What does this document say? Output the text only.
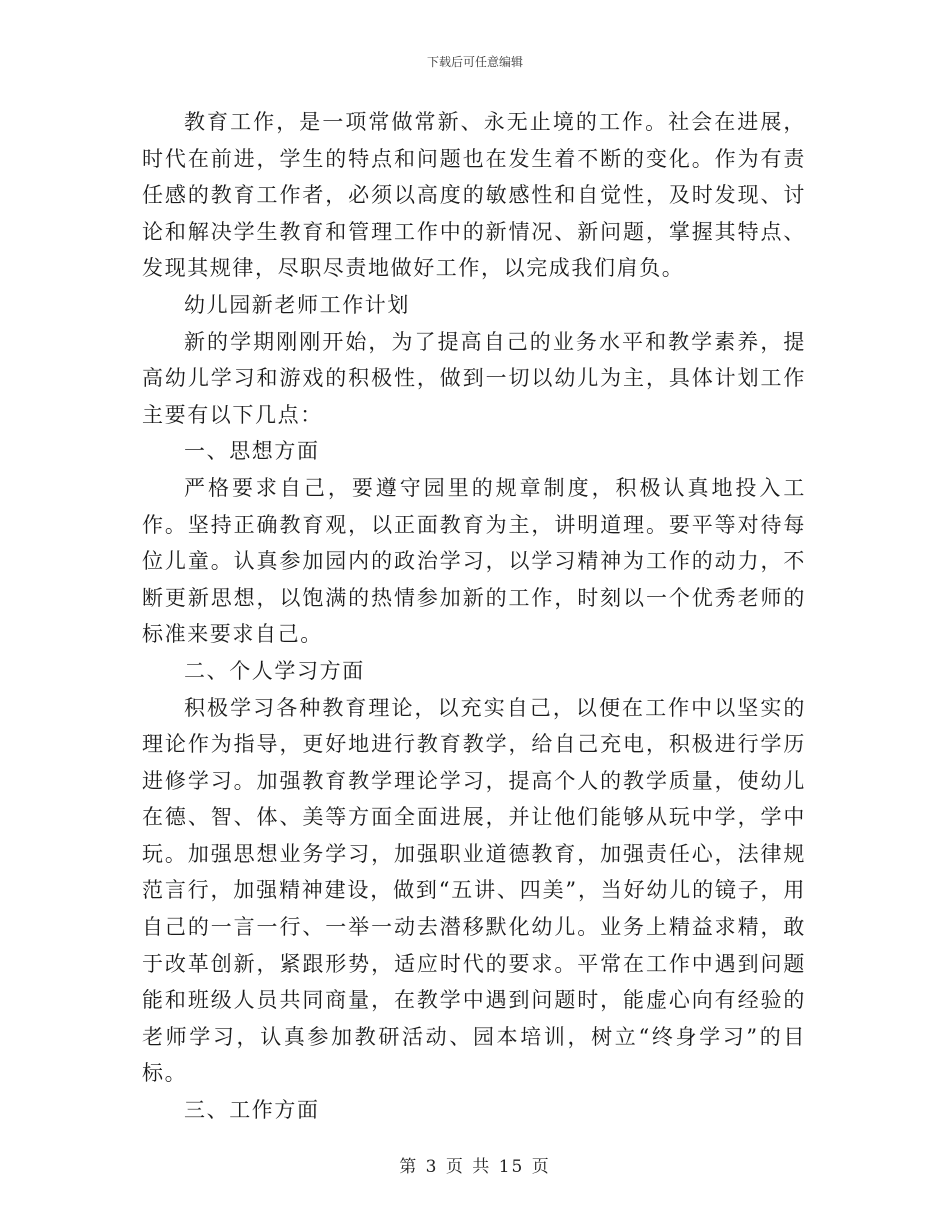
下载后可任意编辑

教育工作，是一项常做常新、永无止境的工作。社会在进展，时代在前进，学生的特点和问题也在发生着不断的变化。作为有责任感的教育工作者，必须以高度的敏感性和自觉性，及时发现、讨论和解决学生教育和管理工作中的新情况、新问题，掌握其特点、发现其规律，尽职尽责地做好工作，以完成我们肩负。

幼儿园新老师工作计划

新的学期刚刚开始，为了提高自己的业务水平和教学素养，提高幼儿学习和游戏的积极性，做到一切以幼儿为主，具体计划工作主要有以下几点：

一、思想方面

严格要求自己，要遵守园里的规章制度，积极认真地投入工作。坚持正确教育观，以正面教育为主，讲明道理。要平等对待每位儿童。认真参加园内的政治学习，以学习精神为工作的动力，不断更新思想，以饱满的热情参加新的工作，时刻以一个优秀老师的标准来要求自己。

二、个人学习方面

积极学习各种教育理论，以充实自己，以便在工作中以坚实的理论作为指导，更好地进行教育教学，给自己充电，积极进行学历进修学习。加强教育教学理论学习，提高个人的教学质量，使幼儿在德、智、体、美等方面全面进展，并让他们能够从玩中学，学中玩。加强思想业务学习，加强职业道德教育，加强责任心，法律规范言行，加强精神建设，做到“五讲、四美”，当好幼儿的镜子，用自己的一言一行、一举一动去潜移默化幼儿。业务上精益求精，敢于改革创新，紧跟形势，适应时代的要求。平常在工作中遇到问题能和班级人员共同商量，在教学中遇到问题时，能虚心向有经验的老师学习，认真参加教研活动、园本培训，树立“终身学习”的目标。

三、工作方面

第 3 页 共 15 页
